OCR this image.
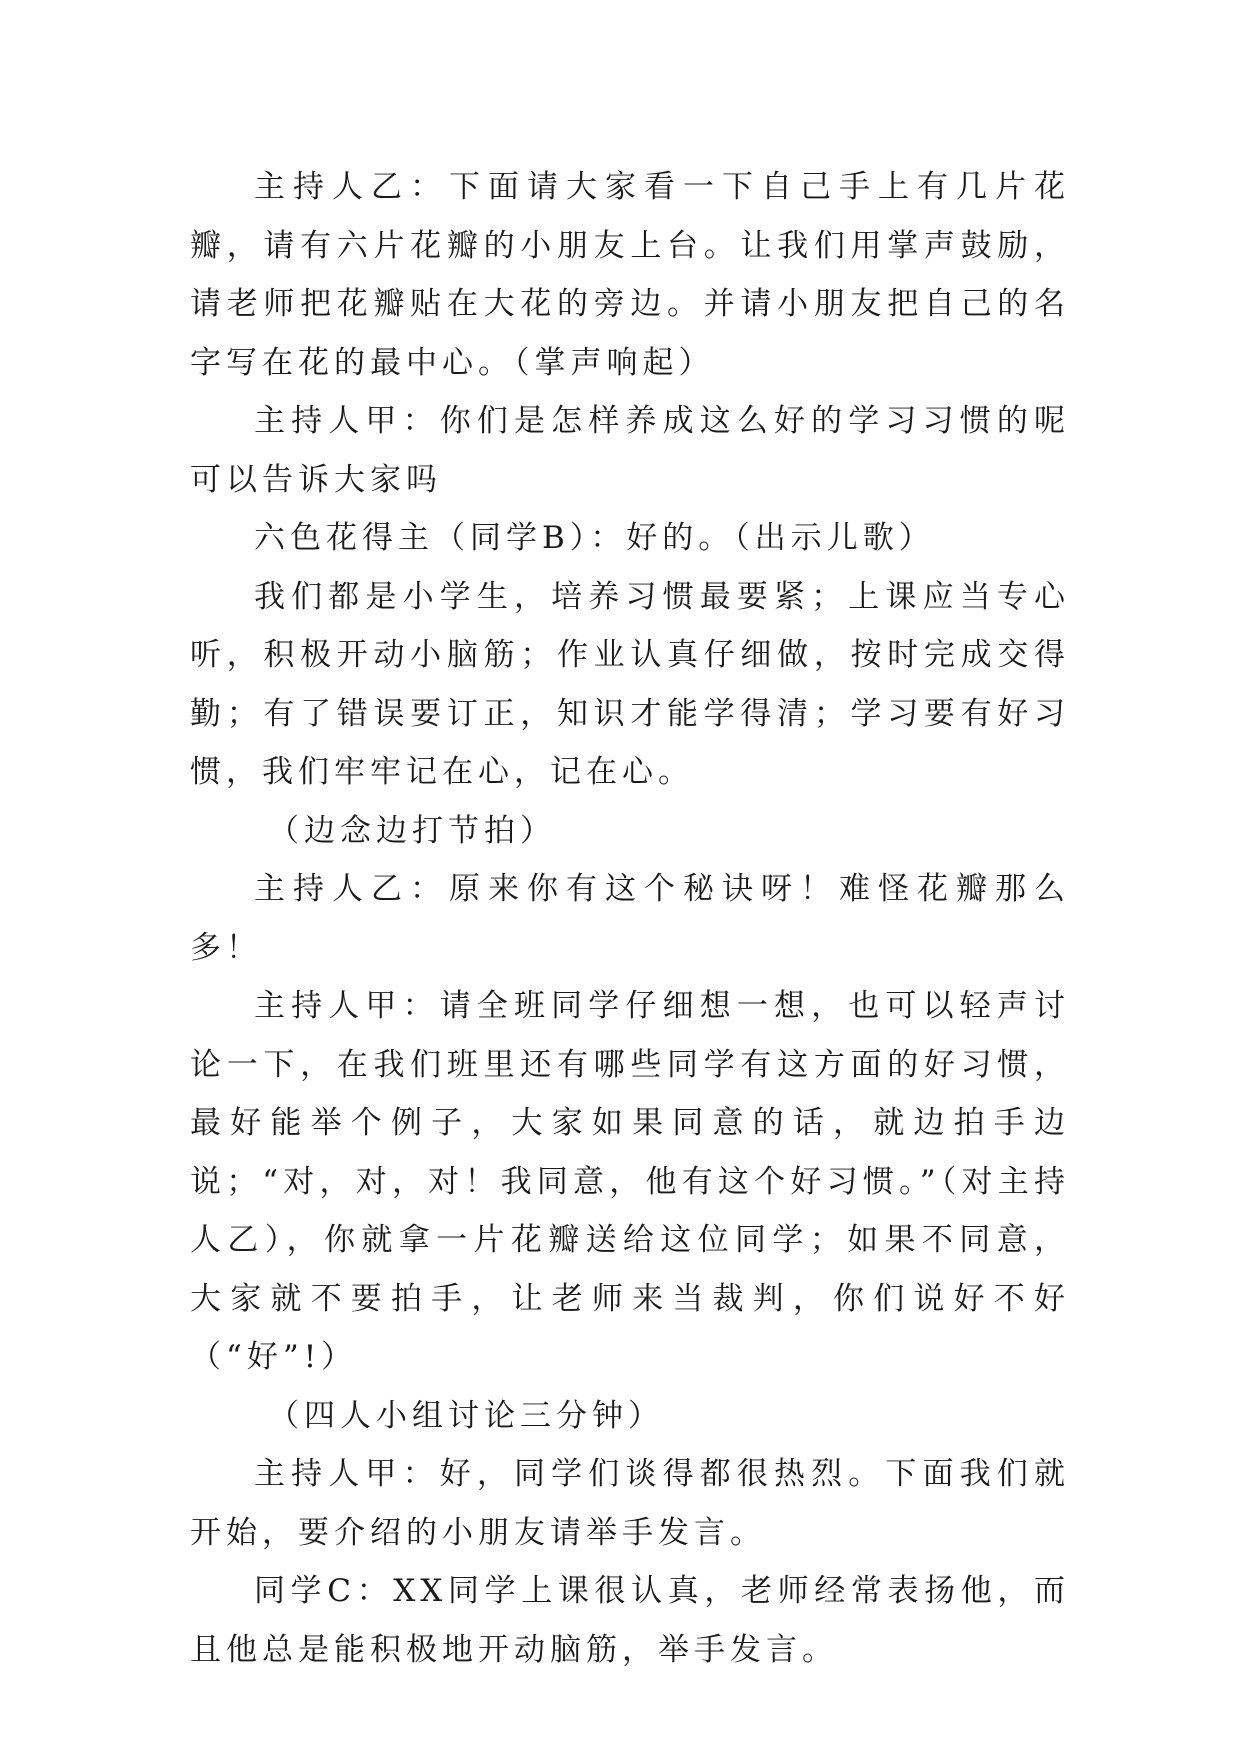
主持人乙：下面请大家看一下自己手上有几片花瓣，请有六片花瓣的小朋友上台。让我们用掌声鼓励，请老师把花瓣贴在大花的旁边。并请小朋友把自己的名字写在花的最中心。（掌声响起）

主持人甲：你们是怎样养成这么好的学习习惯的呢可以告诉大家吗

六色花得主（同学B）：好的。（出示儿歌）

我们都是小学生，培养习惯最要紧；上课应当专心听，积极开动小脑筋；作业认真仔细做，按时完成交得勤；有了错误要订正，知识才能学得清；学习要有好习惯，我们牢牢记在心，记在心。

（边念边打节拍）

主持人乙：原来你有这个秘诀呀！难怪花瓣那么多！

主持人甲：请全班同学仔细想一想，也可以轻声讨论一下，在我们班里还有哪些同学有这方面的好习惯，最好能举个例子，大家如果同意的话，就边拍手边说；“对，对，对！我同意，他有这个好习惯。”（对主持人乙），你就拿一片花瓣送给这位同学；如果不同意，大家就不要拍手，让老师来当裁判，你们说好不好（“好”!）

（四人小组讨论三分钟）

主持人甲：好，同学们谈得都很热烈。下面我们就开始，要介绍的小朋友请举手发言。

同学C：XX同学上课很认真，老师经常表扬他，而且他总是能积极地开动脑筋，举手发言。
